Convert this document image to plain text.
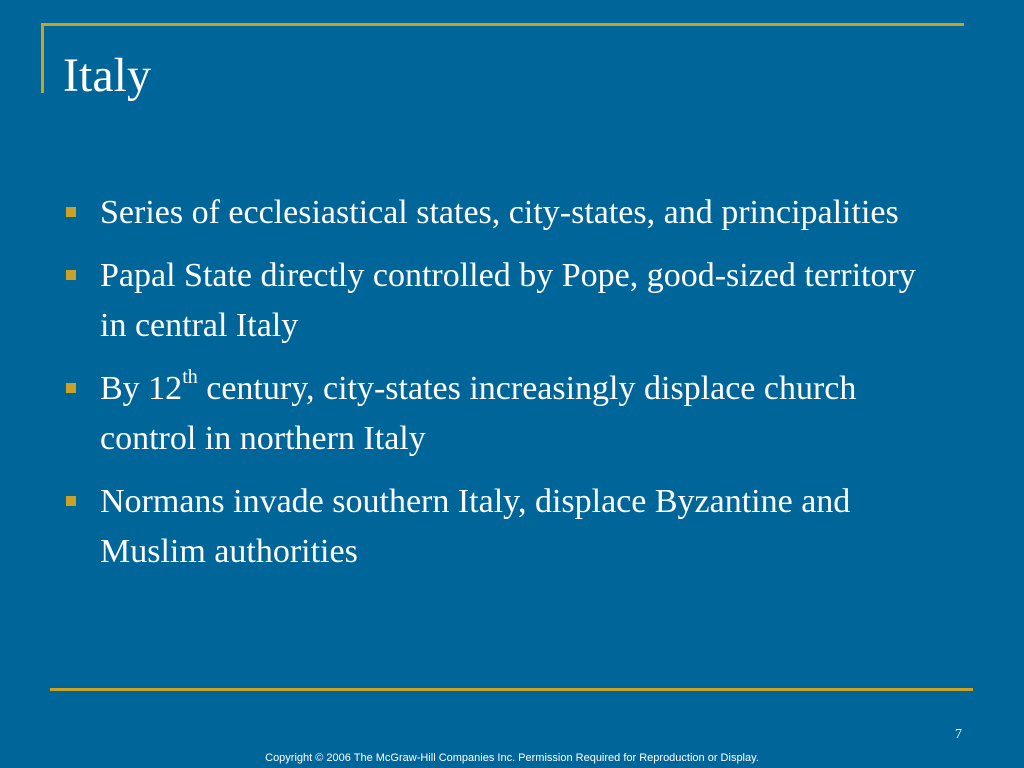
Italy
Series of ecclesiastical states, city-states, and principalities
Papal State directly controlled by Pope, good-sized territory in central Italy
By 12th century, city-states increasingly displace church control in northern Italy
Normans invade southern Italy, displace Byzantine and Muslim authorities
7
Copyright © 2006 The McGraw-Hill Companies Inc. Permission Required for Reproduction or Display.
